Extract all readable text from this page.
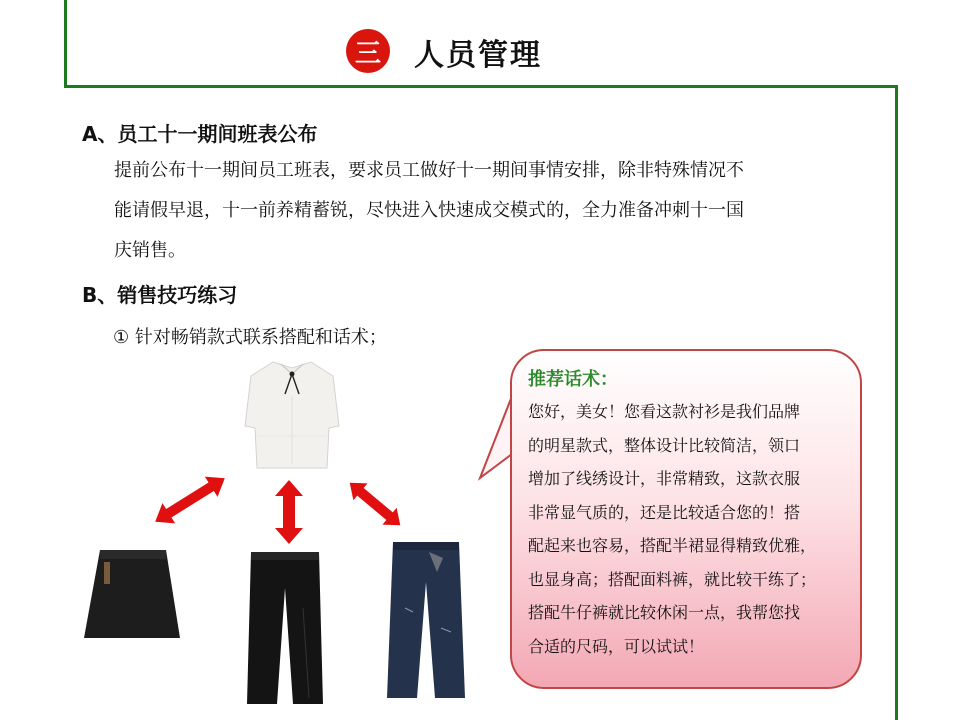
三	人员管理
A、员工十一期间班表公布
提前公布十一期间员工班表，要求员工做好十一期间事情安排，除非特殊情况不
能请假早退，十一前养精蓄锐，尽快进入快速成交模式的，全力准备冲刺十一国
庆销售。
B、销售技巧练习
① 针对畅销款式联系搭配和话术；
推荐话术：
您好，美女！您看这款衬衫是我们品牌
的明星款式，整体设计比较简洁，领口
增加了线绣设计，非常精致，这款衣服
非常显气质的，还是比较适合您的！搭
配起来也容易，搭配半裙显得精致优雅，
也显身高；搭配面料裤，就比较干练了；
搭配牛仔裤就比较休闲一点，我帮您找
合适的尺码，可以试试！
